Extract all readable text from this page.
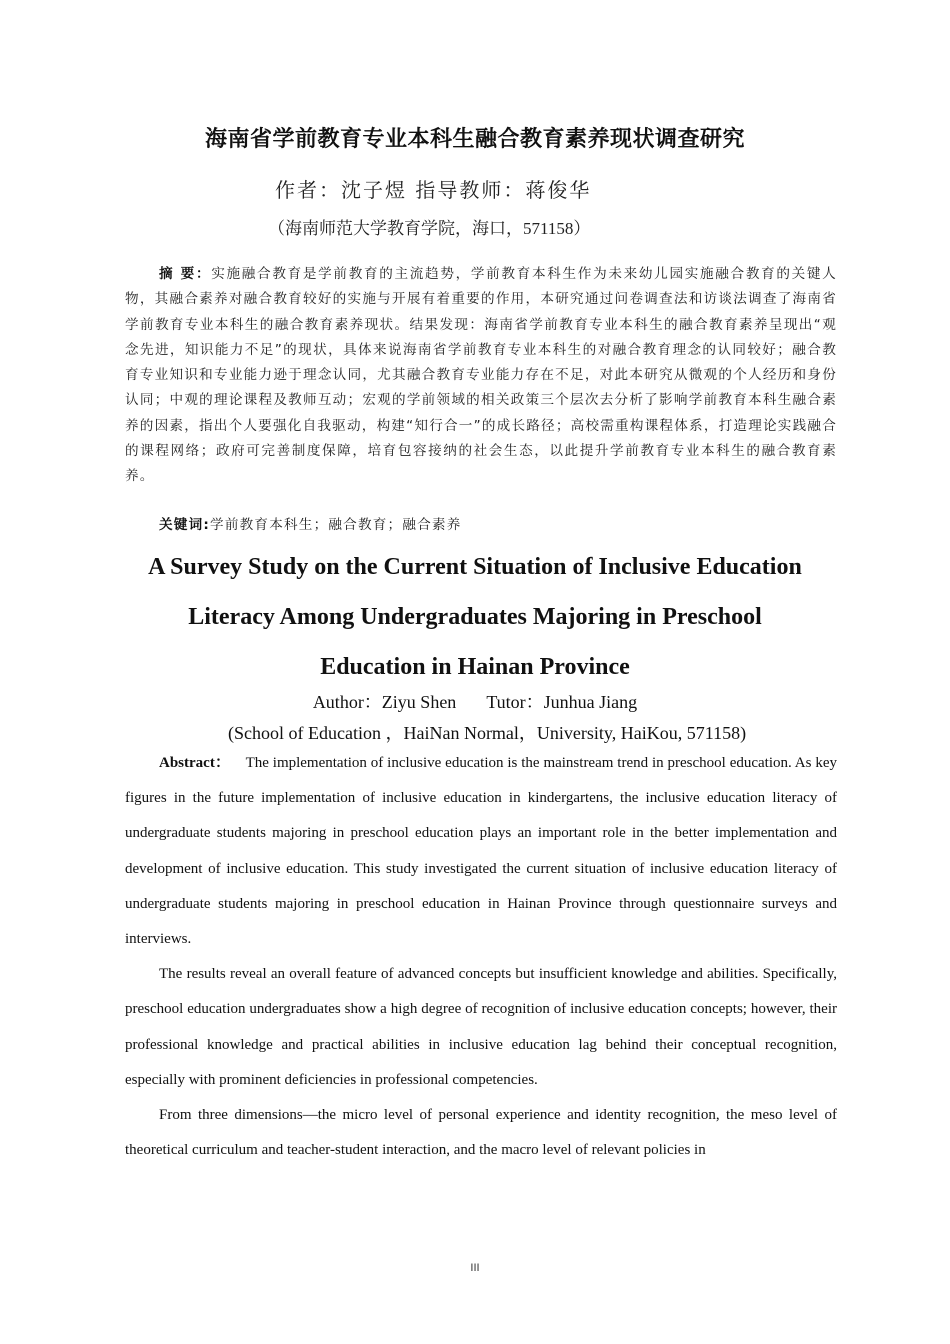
海南省学前教育专业本科生融合教育素养现状调查研究
作者：沈子煜 指导教师：蒋俊华
（海南师范大学教育学院，海口，571158）

摘 要：实施融合教育是学前教育的主流趋势，学前教育本科生作为未来幼儿园实施融合教育的关键人物，其融合素养对融合教育较好的实施与开展有着重要的作用，本研究通过问卷调查法和访谈法调查了海南省学前教育专业本科生的融合教育素养现状。结果发现：海南省学前教育专业本科生的融合教育素养呈现出“观念先进，知识能力不足”的现状，具体来说海南省学前教育专业本科生的对融合教育理念的认同较好；融合教育专业知识和专业能力逊于理念认同，尤其融合教育专业能力存在不足，对此本研究从微观的个人经历和身份认同；中观的理论课程及教师互动；宏观的学前领域的相关政策三个层次去分析了影响学前教育本科生融合素养的因素，指出个人要强化自我驱动，构建“知行合一”的成长路径；高校需重构课程体系，打造理论实践融合的课程网络；政府可完善制度保障，培育包容接纳的社会生态，以此提升学前教育专业本科生的融合教育素养。

关键词:学前教育本科生；融合教育；融合素养
A Survey Study on the Current Situation of Inclusive Education
Literacy Among Undergraduates Majoring in Preschool
Education in Hainan Province
Author：Ziyu Shen Tutor：Junhua Jiang
(School of Education ，HaiNan Normal，University, HaiKou, 571158)

Abstract： The implementation of inclusive education is the mainstream trend in preschool education. As key figures in the future implementation of inclusive education in kindergartens, the inclusive education literacy of undergraduate students majoring in preschool education plays an important role in the better implementation and development of inclusive education. This study investigated the current situation of inclusive education literacy of undergraduate students majoring in preschool education in Hainan Province through questionnaire surveys and interviews.

The results reveal an overall feature of advanced concepts but insufficient knowledge and abilities. Specifically, preschool education undergraduates show a high degree of recognition of inclusive education concepts; however, their professional knowledge and practical abilities in inclusive education lag behind their conceptual recognition, especially with prominent deficiencies in professional competencies.

From three dimensions—the micro level of personal experience and identity recognition, the meso level of theoretical curriculum and teacher-student interaction, and the macro level of relevant policies in

III
